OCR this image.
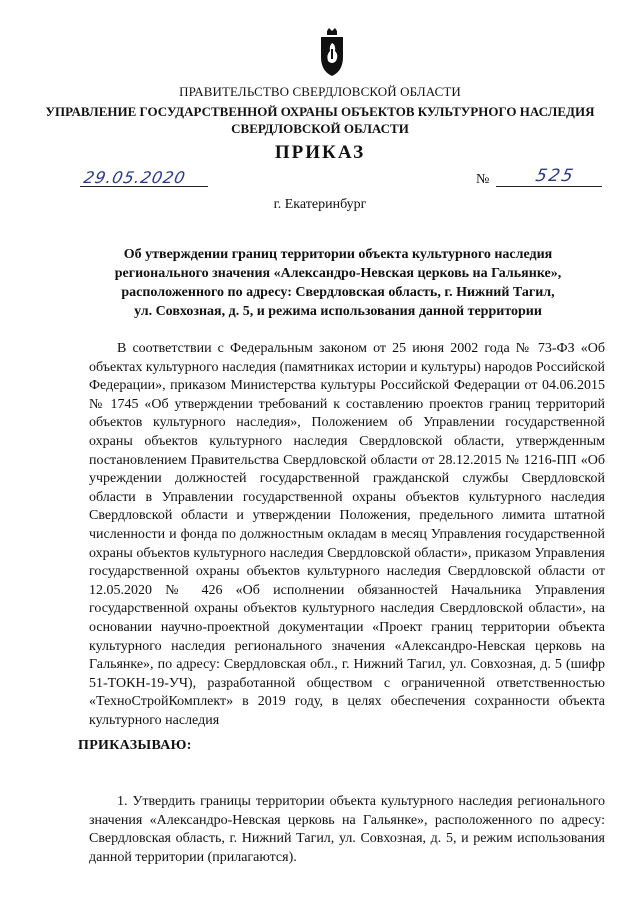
ПРАВИТЕЛЬСТВО СВЕРДЛОВСКОЙ ОБЛАСТИ
УПРАВЛЕНИЕ ГОСУДАРСТВЕННОЙ ОХРАНЫ ОБЪЕКТОВ КУЛЬТУРНОГО НАСЛЕДИЯ
СВЕРДЛОВСКОЙ ОБЛАСТИ
ПРИКАЗ
29.05.2020	№	525
г. Екатеринбург
Об утверждении границ территории объекта культурного наследия
регионального значения «Александро-Невская церковь на Гальянке»,
расположенного по адресу: Свердловская область, г. Нижний Тагил,
ул. Совхозная, д. 5, и режима использования данной территории
В соответствии с Федеральным законом от 25 июня 2002 года № 73-ФЗ «Об объектах культурного наследия (памятниках истории и культуры) народов Российской Федерации», приказом Министерства культуры Российской Федерации от 04.06.2015 № 1745 «Об утверждении требований к составлению проектов границ территорий объектов культурного наследия», Положением об Управлении государственной охраны объектов культурного наследия Свердловской области, утвержденным постановлением Правительства Свердловской области от 28.12.2015 № 1216-ПП «Об учреждении должностей государственной гражданской службы Свердловской области в Управлении государственной охраны объектов культурного наследия Свердловской области и утверждении Положения, предельного лимита штатной численности и фонда по должностным окладам в месяц Управления государственной охраны объектов культурного наследия Свердловской области», приказом Управления государственной охраны объектов культурного наследия Свердловской области от 12.05.2020 № 426 «Об исполнении обязанностей Начальника Управления государственной охраны объектов культурного наследия Свердловской области», на основании научно-проектной документации «Проект границ территории объекта культурного наследия регионального значения «Александро-Невская церковь на Гальянке», по адресу: Свердловская обл., г. Нижний Тагил, ул. Совхозная, д. 5 (шифр 51-ТОКН-19-УЧ), разработанной обществом с ограниченной ответственностью «ТехноСтройКомплект» в 2019 году, в целях обеспечения сохранности объекта культурного наследия
ПРИКАЗЫВАЮ:
1. Утвердить границы территории объекта культурного наследия регионального значения «Александро-Невская церковь на Гальянке», расположенного по адресу: Свердловская область, г. Нижний Тагил, ул. Совхозная, д. 5, и режим использования данной территории (прилагаются).
